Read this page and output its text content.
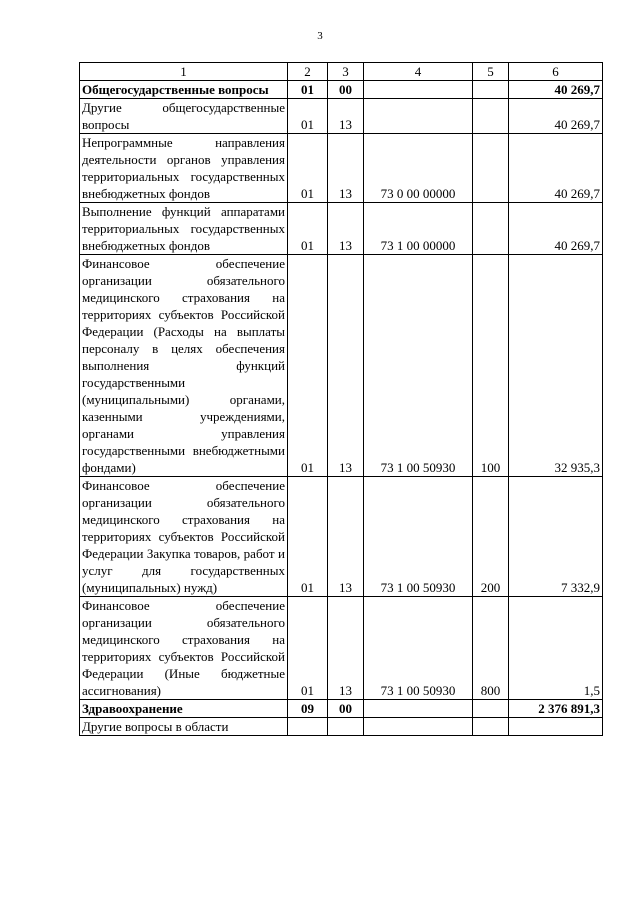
3
1	2	3	4	5	6
Общегосударственные вопросы	01	00			40 269,7
Другие общегосударственные вопросы	01	13			40 269,7
Непрограммные направления деятельности органов управления территориальных государственных внебюджетных фондов	01	13	73 0 00 00000		40 269,7
Выполнение функций аппаратами территориальных государственных внебюджетных фондов	01	13	73 1 00 00000		40 269,7
Финансовое обеспечение организации обязательного медицинского страхования на территориях субъектов Российской Федерации (Расходы на выплаты персоналу в целях обеспечения выполнения функций государственными (муниципальными) органами, казенными учреждениями, органами управления государственными внебюджетными фондами)	01	13	73 1 00 50930	100	32 935,3
Финансовое обеспечение организации обязательного медицинского страхования на территориях субъектов Российской Федерации Закупка товаров, работ и услуг для государственных (муниципальных) нужд)	01	13	73 1 00 50930	200	7 332,9
Финансовое обеспечение организации обязательного медицинского страхования на территориях субъектов Российской Федерации (Иные бюджетные ассигнования)	01	13	73 1 00 50930	800	1,5
Здравоохранение	09	00			2 376 891,3
Другие вопросы в области					
